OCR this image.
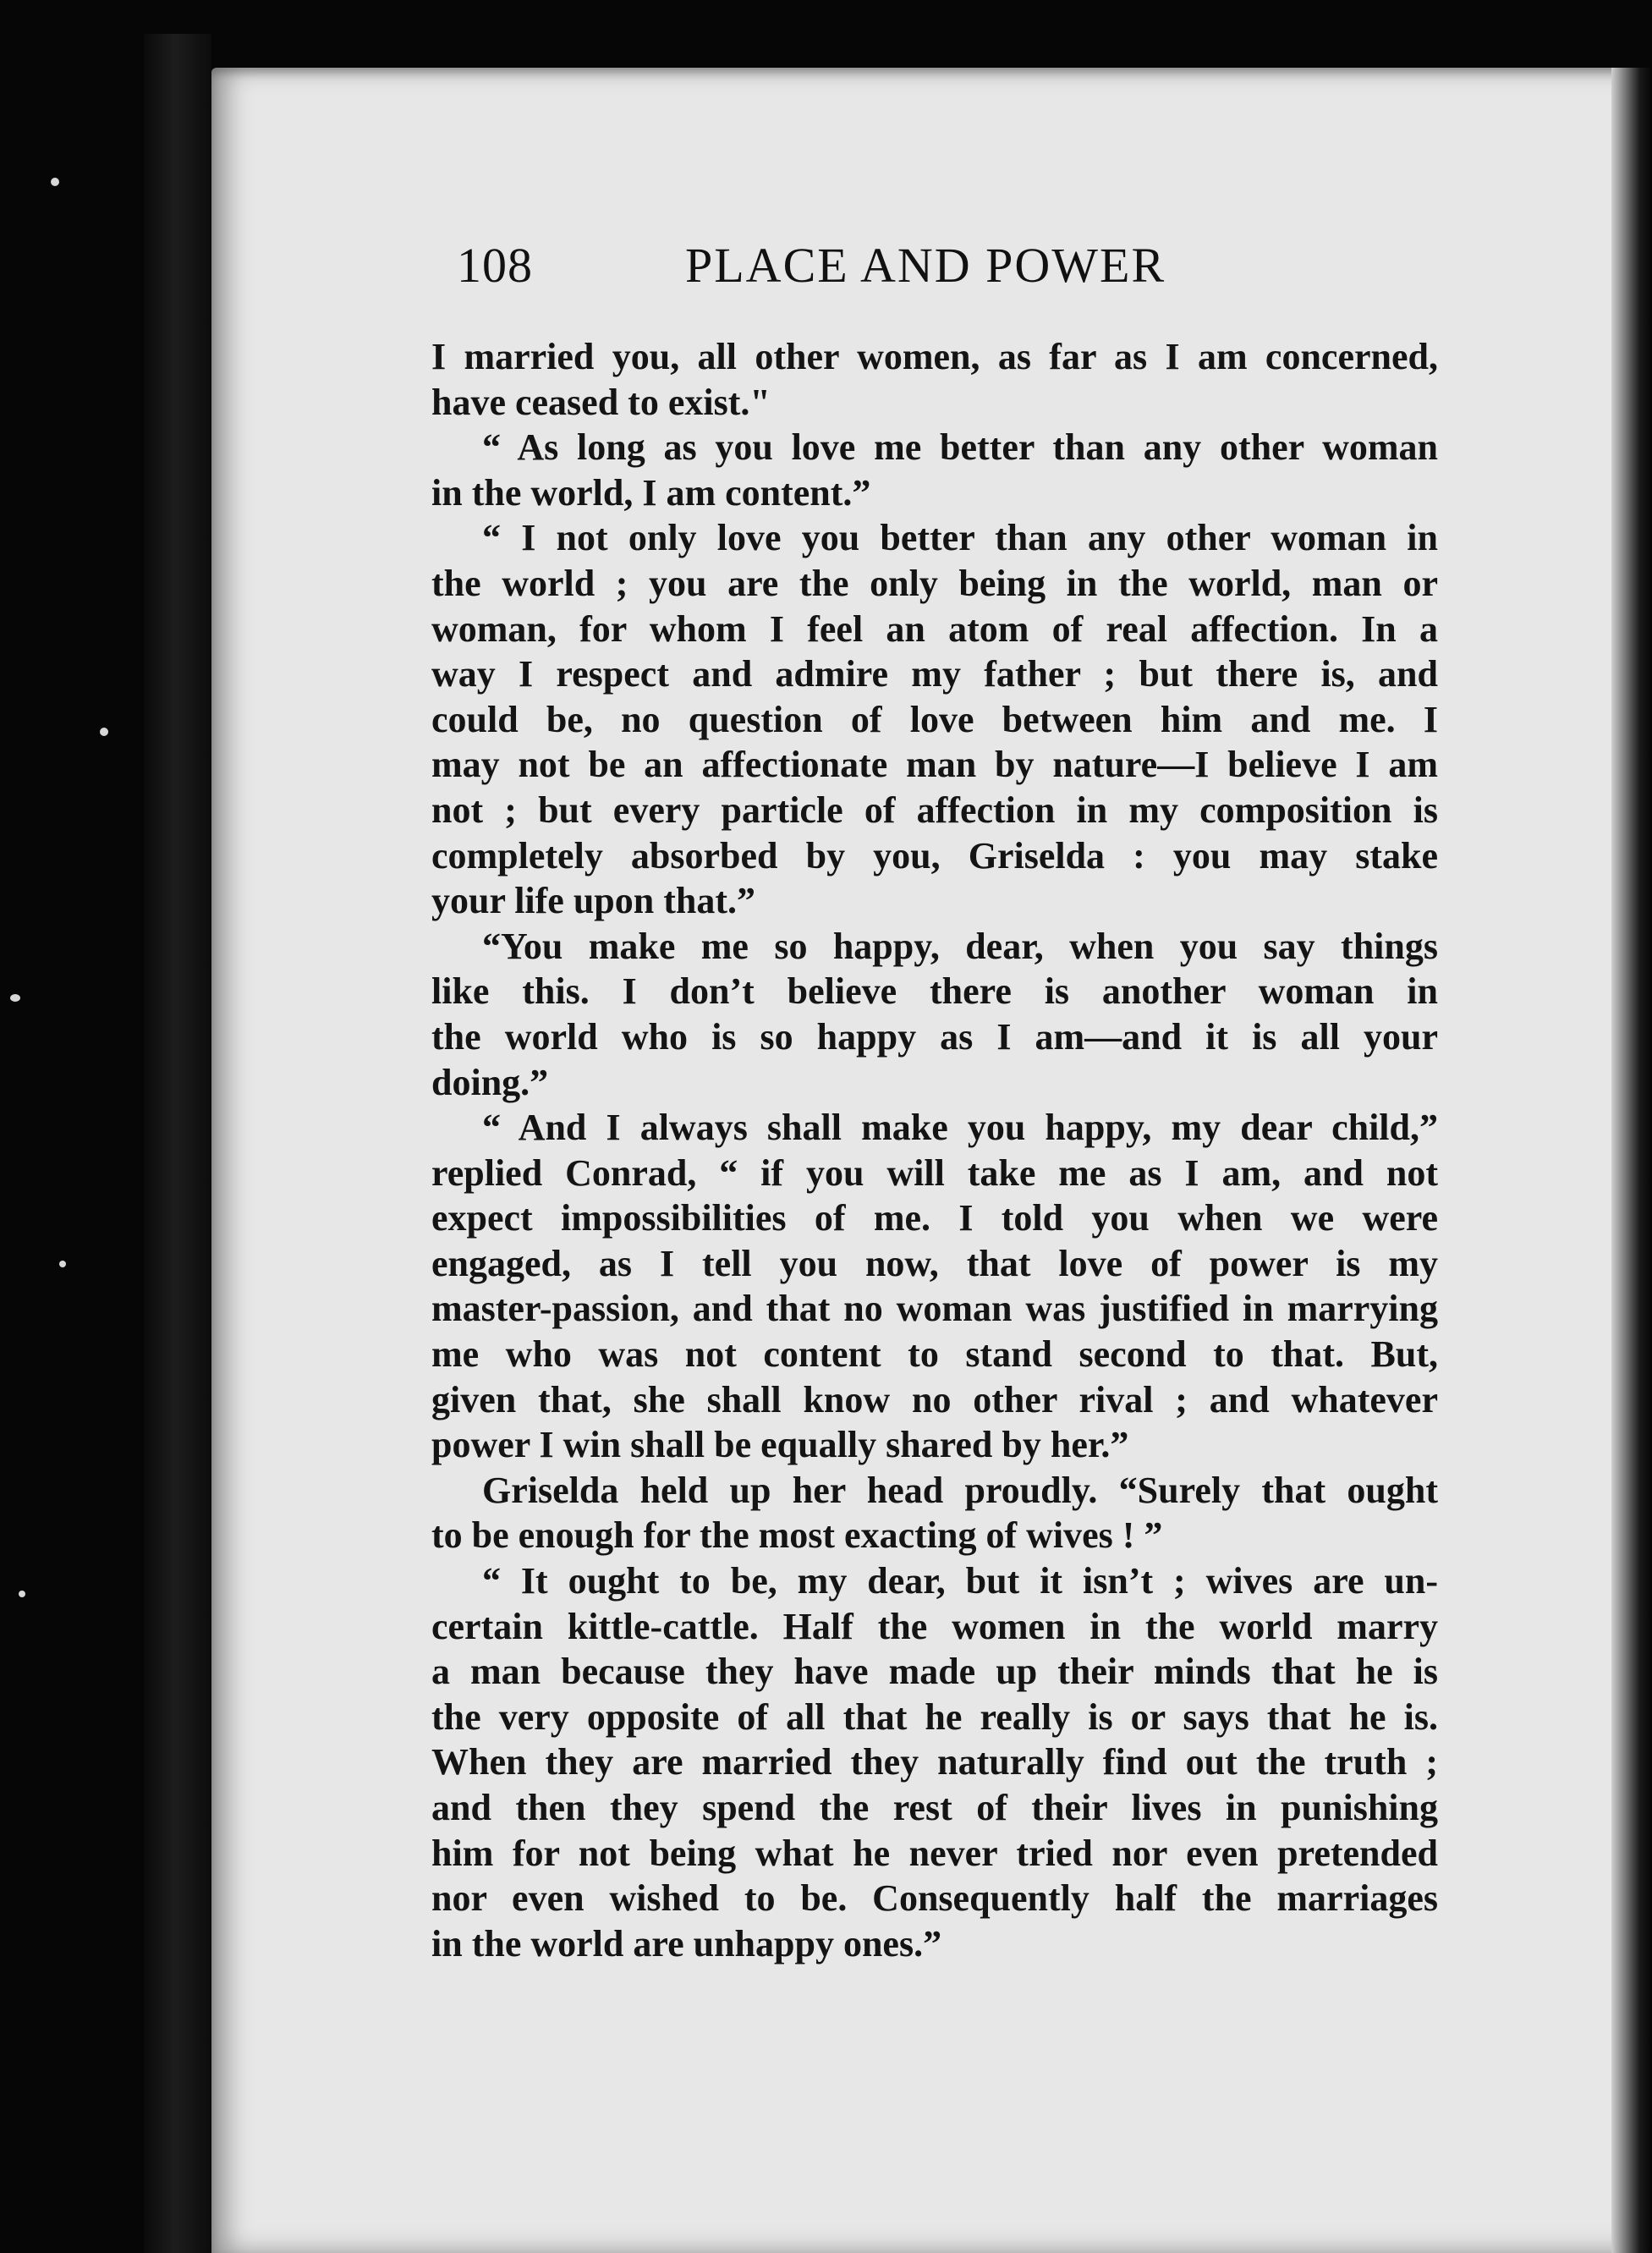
108	PLACE AND POWER
I married you, all other women, as far as I am concerned,
have ceased to exist."
“ As long as you love me better than any other woman
in the world, I am content.”
“ I not only love you better than any other woman in
the world ; you are the only being in the world, man or
woman, for whom I feel an atom of real affection. In a
way I respect and admire my father ; but there is, and
could be, no question of love between him and me. I
may not be an affectionate man by nature—I believe I am
not ; but every particle of affection in my composition is
completely absorbed by you, Griselda : you may stake
your life upon that.”
“You make me so happy, dear, when you say things
like this. I don’t believe there is another woman in
the world who is so happy as I am—and it is all your
doing.”
“ And I always shall make you happy, my dear child,”
replied Conrad, “ if you will take me as I am, and not
expect impossibilities of me. I told you when we were
engaged, as I tell you now, that love of power is my
master-passion, and that no woman was justified in marrying
me who was not content to stand second to that. But,
given that, she shall know no other rival ; and whatever
power I win shall be equally shared by her.”
Griselda held up her head proudly. “Surely that ought
to be enough for the most exacting of wives ! ”
“ It ought to be, my dear, but it isn’t ; wives are un-
certain kittle-cattle. Half the women in the world marry
a man because they have made up their minds that he is
the very opposite of all that he really is or says that he is.
When they are married they naturally find out the truth ;
and then they spend the rest of their lives in punishing
him for not being what he never tried nor even pretended
nor even wished to be. Consequently half the marriages
in the world are unhappy ones.”
